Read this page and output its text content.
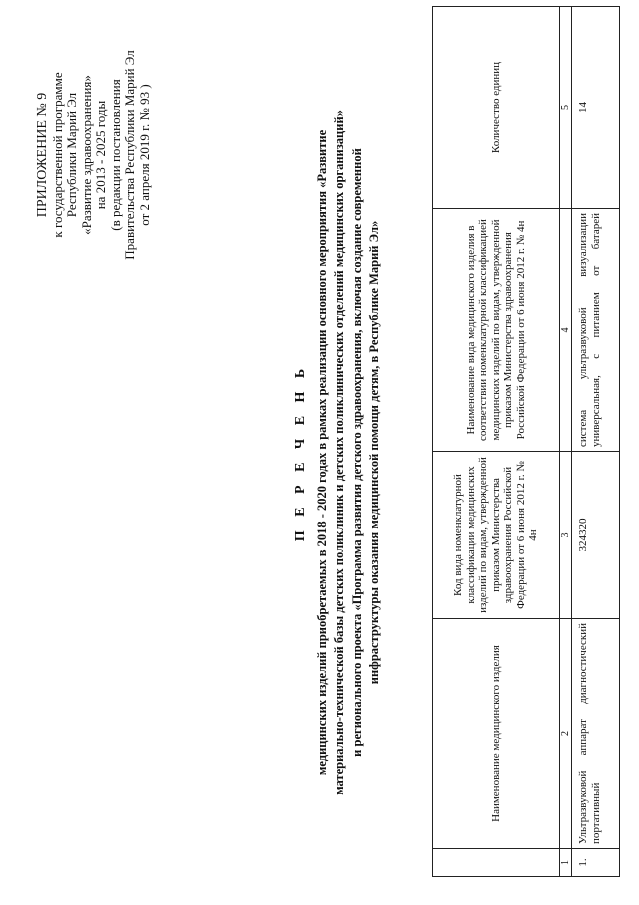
ПРИЛОЖЕНИЕ № 9 к государственной программе Республики Марий Эл «Развитие здравоохранения» на 2013 - 2025 годы (в редакции постановления Правительства Республики Марий Эл от 2 апреля 2019 г. № 93 )
П Е Р Е Ч Е Н Ь медицинских изделий приобретаемых в 2018 - 2020 годах в рамках реализации основного мероприятия «Развитие материально-технической базы детских поликлиник и детских поликлинических отделений медицинских организаций» и регионального проекта «Программа развития детского здравоохранения, включая создание современной инфраструктуры оказания медицинской помощи детям, в Республике Марий Эл»
	Наименование медицинского изделия	Код вида номенклатурной классификации медицинских изделий по видам, утвержденной приказом Министерства здравоохранения Российской Федерации от 6 июня 2012 г. № 4н	Наименование вида медицинского изделия в соответствии номенклатурной классификацией медицинских изделий по видам, утвержденной приказом Министерства здравоохранения Российской Федерации от 6 июня 2012 г. № 4н	Количество единиц
1	2	3	4	5
1.	Ультразвуковой аппарат диагностический портативный	324320	система ультразвуковой визуализации универсальная, с питанием от батарей	14
